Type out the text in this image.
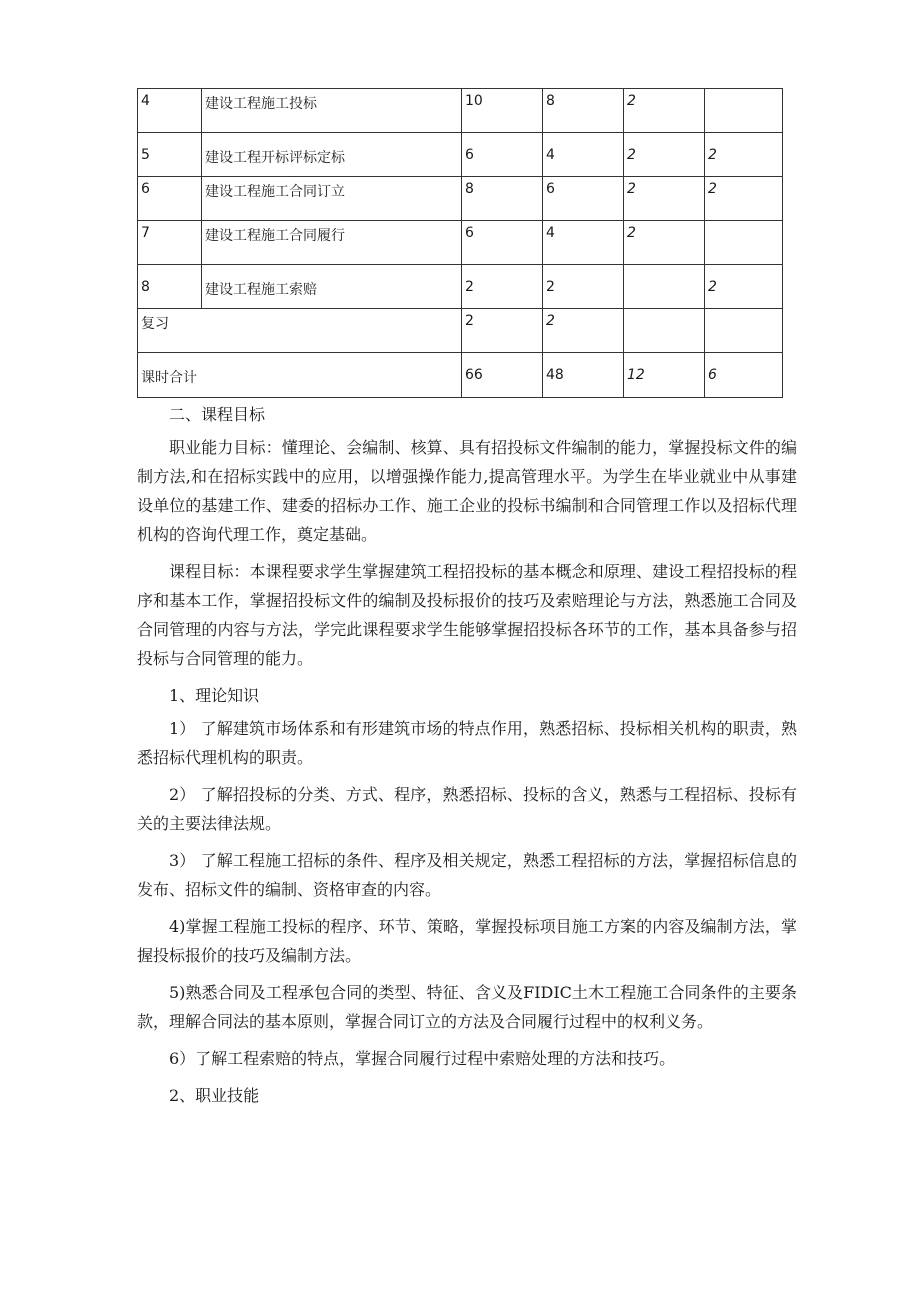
4	建设工程施工投标	10	8	2	
5	建设工程开标评标定标	6	4	2	2
6	建设工程施工合同订立	8	6	2	2
7	建设工程施工合同履行	6	4	2	
8	建设工程施工索赔	2	2		2
复习		2	2		
课时合计		66	48	12	6

二、课程目标

职业能力目标：懂理论、会编制、核算、具有招投标文件编制的能力，掌握投标文件的编制方法,和在招标实践中的应用，以增强操作能力,提高管理水平。为学生在毕业就业中从事建设单位的基建工作、建委的招标办工作、施工企业的投标书编制和合同管理工作以及招标代理机构的咨询代理工作，奠定基础。

课程目标：本课程要求学生掌握建筑工程招投标的基本概念和原理、建设工程招投标的程序和基本工作，掌握招投标文件的编制及投标报价的技巧及索赔理论与方法，熟悉施工合同及合同管理的内容与方法，学完此课程要求学生能够掌握招投标各环节的工作，基本具备参与招投标与合同管理的能力。

1、理论知识

1） 了解建筑市场体系和有形建筑市场的特点作用，熟悉招标、投标相关机构的职责，熟悉招标代理机构的职责。

2） 了解招投标的分类、方式、程序，熟悉招标、投标的含义，熟悉与工程招标、投标有关的主要法律法规。

3） 了解工程施工招标的条件、程序及相关规定，熟悉工程招标的方法，掌握招标信息的发布、招标文件的编制、资格审查的内容。

4)掌握工程施工投标的程序、环节、策略，掌握投标项目施工方案的内容及编制方法，掌握投标报价的技巧及编制方法。

5)熟悉合同及工程承包合同的类型、特征、含义及FIDIC土木工程施工合同条件的主要条款，理解合同法的基本原则，掌握合同订立的方法及合同履行过程中的权利义务。

6）了解工程索赔的特点，掌握合同履行过程中索赔处理的方法和技巧。

2、职业技能
